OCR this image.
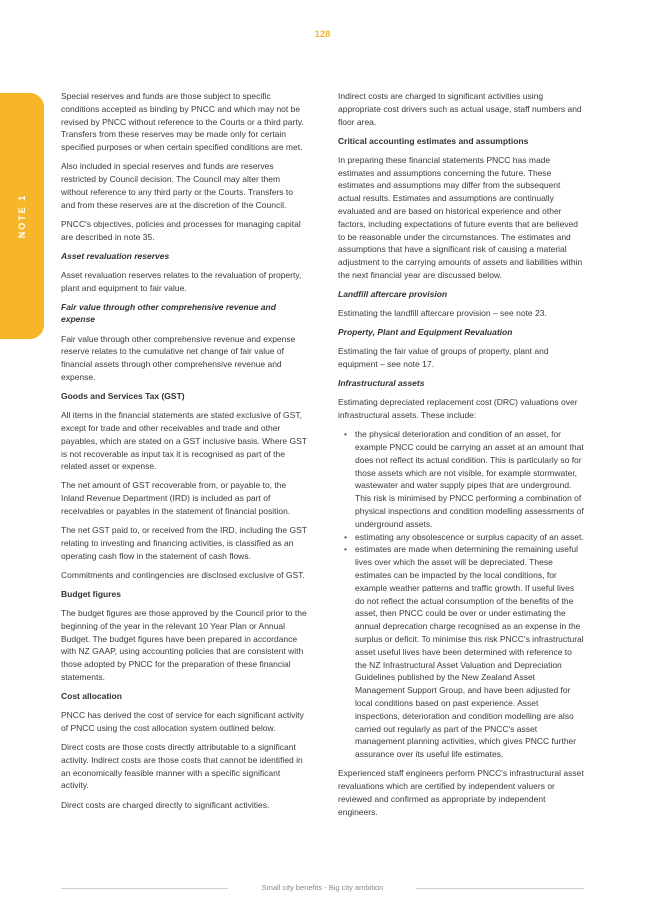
128
NOTE 1

Special reserves and funds are those subject to specific conditions accepted as binding by PNCC and which may not be revised by PNCC without reference to the Courts or a third party. Transfers from these reserves may be made only for certain specified purposes or when certain specified conditions are met.

Also included in special reserves and funds are reserves restricted by Council decision. The Council may alter them without reference to any third party or the Courts. Transfers to and from these reserves are at the discretion of the Council.

PNCC's objectives, policies and processes for managing capital are described in note 35.

Asset revaluation reserves

Asset revaluation reserves relates to the revaluation of property, plant and equipment to fair value.

Fair value through other comprehensive revenue and expense

Fair value through other comprehensive revenue and expense reserve relates to the cumulative net change of fair value of financial assets through other comprehensive revenue and expense.

Goods and Services Tax (GST)

All items in the financial statements are stated exclusive of GST, except for trade and other receivables and trade and other payables, which are stated on a GST inclusive basis. Where GST is not recoverable as input tax it is recognised as part of the related asset or expense.

The net amount of GST recoverable from, or payable to, the Inland Revenue Department (IRD) is included as part of receivables or payables in the statement of financial position.

The net GST paid to, or received from the IRD, including the GST relating to investing and financing activities, is classified as an operating cash flow in the statement of cash flows.

Commitments and contingencies are disclosed exclusive of GST.

Budget figures

The budget figures are those approved by the Council prior to the beginning of the year in the relevant 10 Year Plan or Annual Budget. The budget figures have been prepared in accordance with NZ GAAP, using accounting policies that are consistent with those adopted by PNCC for the preparation of these financial statements.

Cost allocation

PNCC has derived the cost of service for each significant activity of PNCC using the cost allocation system outlined below.

Direct costs are those costs directly attributable to a significant activity. Indirect costs are those costs that cannot be identified in an economically feasible manner with a specific significant activity.

Direct costs are charged directly to significant activities.

Indirect costs are charged to significant activities using appropriate cost drivers such as actual usage, staff numbers and floor area.

Critical accounting estimates and assumptions

In preparing these financial statements PNCC has made estimates and assumptions concerning the future. These estimates and assumptions may differ from the subsequent actual results. Estimates and assumptions are continually evaluated and are based on historical experience and other factors, including expectations of future events that are believed to be reasonable under the circumstances. The estimates and assumptions that have a significant risk of causing a material adjustment to the carrying amounts of assets and liabilities within the next financial year are discussed below.

Landfill aftercare provision

Estimating the landfill aftercare provision – see note 23.

Property, Plant and Equipment Revaluation

Estimating the fair value of groups of property, plant and equipment – see note 17.

Infrastructural assets

Estimating depreciated replacement cost (DRC) valuations over infrastructural assets. These include:

• the physical deterioration and condition of an asset, for example PNCC could be carrying an asset at an amount that does not reflect its actual condition. This is particularly so for those assets which are not visible, for example stormwater, wastewater and water supply pipes that are underground. This risk is minimised by PNCC performing a combination of physical inspections and condition modelling assessments of underground assets.
• estimating any obsolescence or surplus capacity of an asset.
• estimates are made when determining the remaining useful lives over which the asset will be depreciated. These estimates can be impacted by the local conditions, for example weather patterns and traffic growth. If useful lives do not reflect the actual consumption of the benefits of the asset, then PNCC could be over or under estimating the annual deprecation charge recognised as an expense in the surplus or deficit. To minimise this risk PNCC's infrastructural asset useful lives have been determined with reference to the NZ Infrastructural Asset Valuation and Depreciation Guidelines published by the New Zealand Asset Management Support Group, and have been adjusted for local conditions based on past experience. Asset inspections, deterioration and condition modelling are also carried out regularly as part of the PNCC's asset management planning activities, which gives PNCC further assurance over its useful life estimates.

Experienced staff engineers perform PNCC's infrastructural asset revaluations which are certified by independent valuers or reviewed and confirmed as appropriate by independent engineers.

Small city benefits - Big city ambition
